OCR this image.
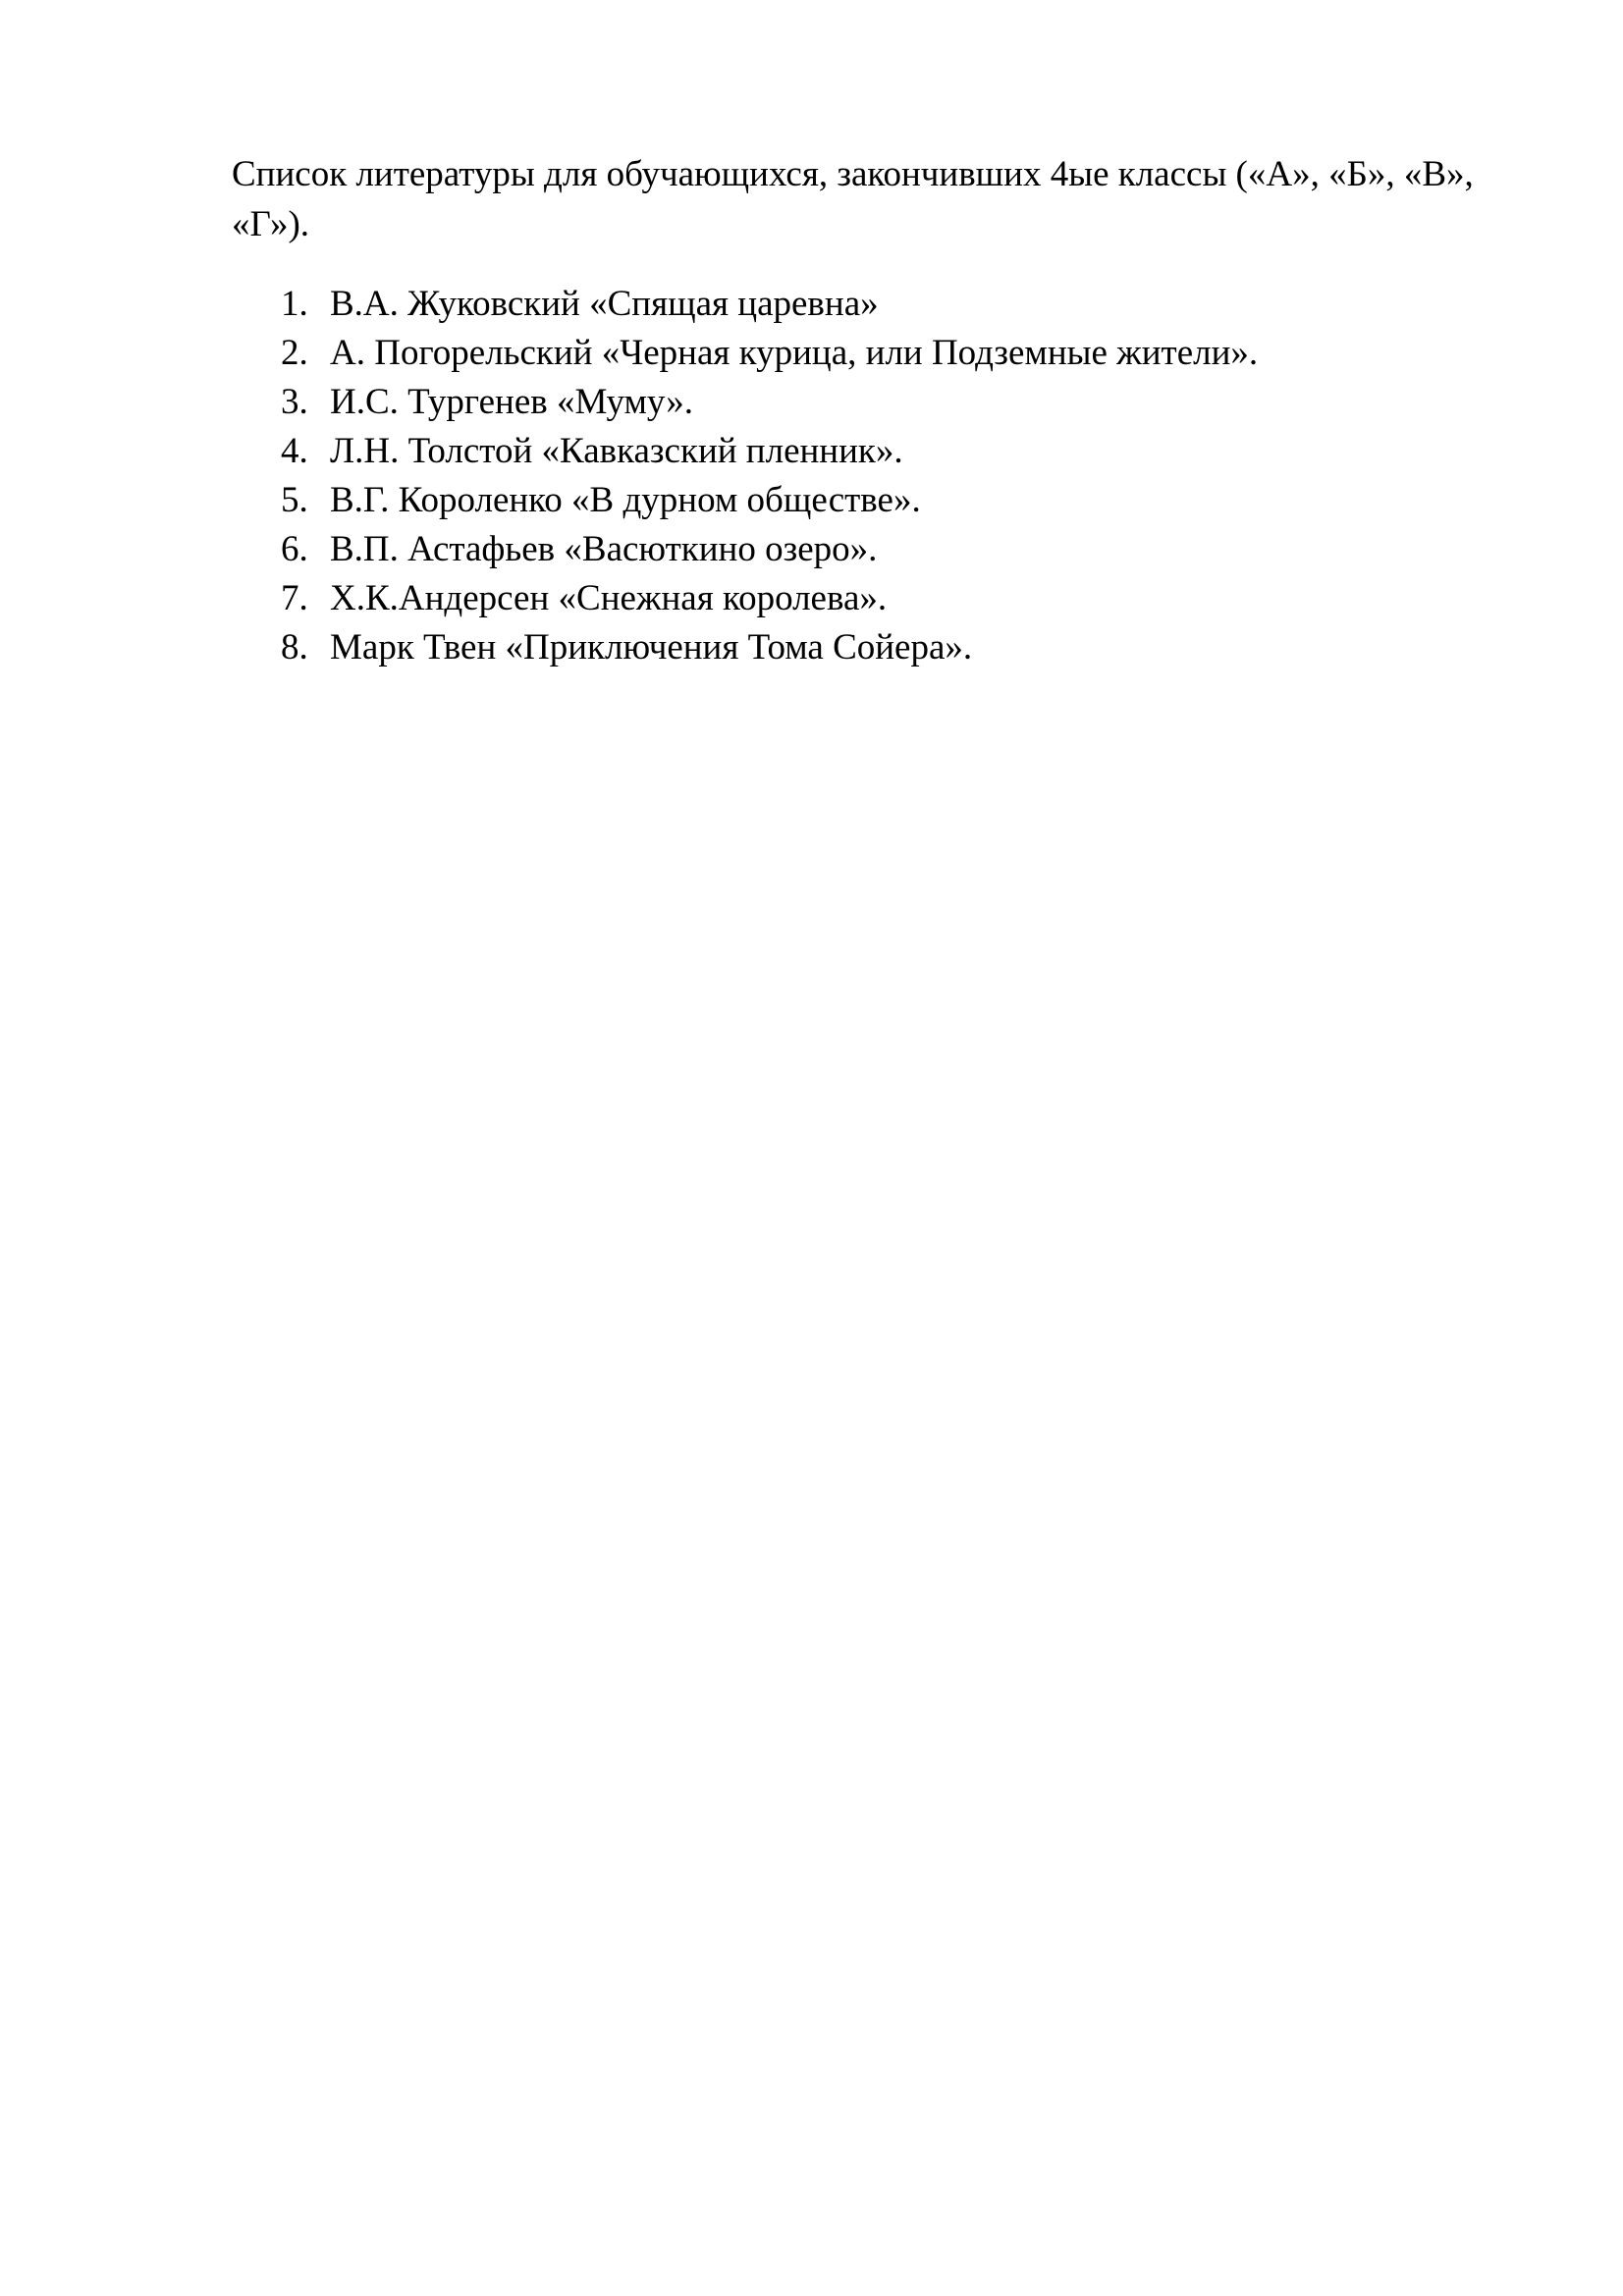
Список литературы для обучающихся, закончивших 4ые классы («А», «Б», «В», «Г»).

1. В.А. Жуковский «Спящая царевна»
2. А. Погорельский «Черная курица, или Подземные жители».
3. И.С. Тургенев «Муму».
4. Л.Н. Толстой «Кавказский пленник».
5. В.Г. Короленко «В дурном обществе».
6. В.П. Астафьев «Васюткино озеро».
7. Х.К.Андерсен «Снежная королева».
8. Марк Твен «Приключения Тома Сойера».
